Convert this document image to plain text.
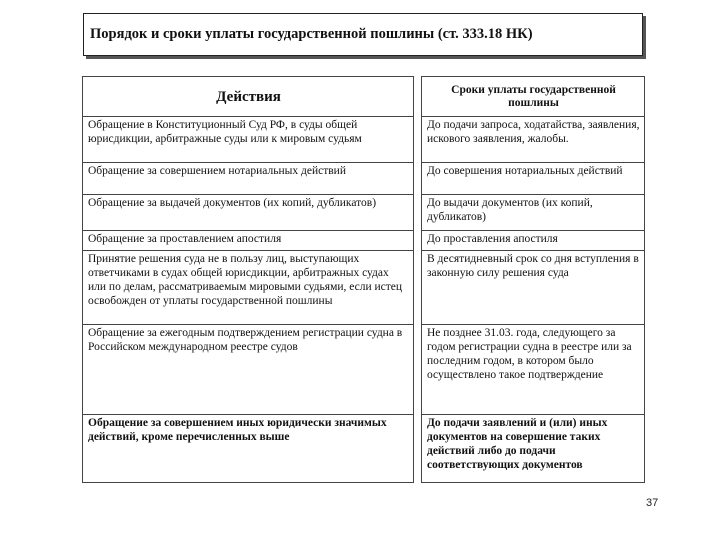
Порядок и сроки уплаты государственной пошлины (ст. 333.18 НК)
Действия		Сроки уплаты государственной пошлины
Обращение в Конституционный Суд РФ, в суды общей юрисдикции, арбитражные суды или к мировым судьям		До подачи запроса, ходатайства, заявления, искового заявления, жалобы.
Обращение за совершением нотариальных действий		До совершения нотариальных действий
Обращение за выдачей документов (их копий, дубликатов)		До выдачи документов (их копий, дубликатов)
Обращение за проставлением апостиля		До проставления апостиля
Принятие решения суда не в пользу лиц, выступающих ответчиками в судах общей юрисдикции, арбитражных судах или по делам, рассматриваемым мировыми судьями, если истец освобожден от уплаты государственной пошлины		В десятидневный срок со дня вступления в законную силу решения суда
Обращение за ежегодным подтверждением регистрации судна в Российском международном реестре судов		Не позднее 31.03. года, следующего за годом регистрации судна в реестре или за последним годом, в котором было осуществлено такое подтверждение
Обращение за совершением иных юридически значимых действий, кроме перечисленных выше		До подачи заявлений и (или) иных документов на совершение таких действий либо до подачи соответствующих документов
37
